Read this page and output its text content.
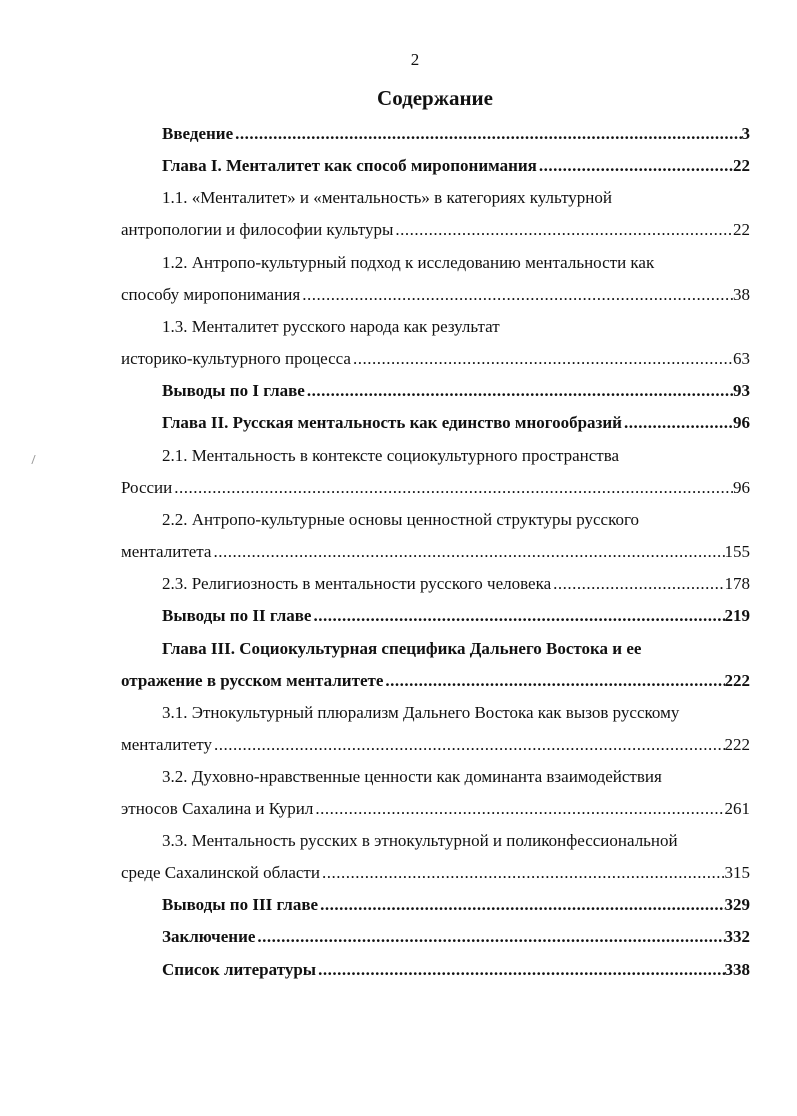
2
Содержание
Введение .....	3
Глава I. Менталитет как способ миропонимания .....	22
1.1. «Менталитет» и «ментальность» в категориях культурной
антропологии и философии культуры .....	22
1.2. Антропо-культурный подход к исследованию ментальности как
способу миропонимания .....	38
1.3. Менталитет русского народа как результат
историко-культурного процесса .....	63
Выводы по I главе .....	93
Глава II. Русская ментальность как единство многообразий .....	96
2.1. Ментальность в контексте социокультурного пространства
России .....	96
2.2. Антропо-культурные основы ценностной структуры русского
менталитета .....	155
2.3. Религиозность в ментальности русского человека .....	178
Выводы по II главе .....	219
Глава III. Социокультурная специфика Дальнего Востока и ее
отражение в русском менталитете .....	222
3.1. Этнокультурный плюрализм Дальнего Востока как вызов русскому
менталитету .....	222
3.2. Духовно-нравственные ценности как доминанта взаимодействия
этносов Сахалина и Курил .....	261
3.3. Ментальность русских в этнокультурной и поликонфессиональной
среде Сахалинской области .....	315
Выводы по III главе .....	329
Заключение .....	332
Список литературы .....	338
